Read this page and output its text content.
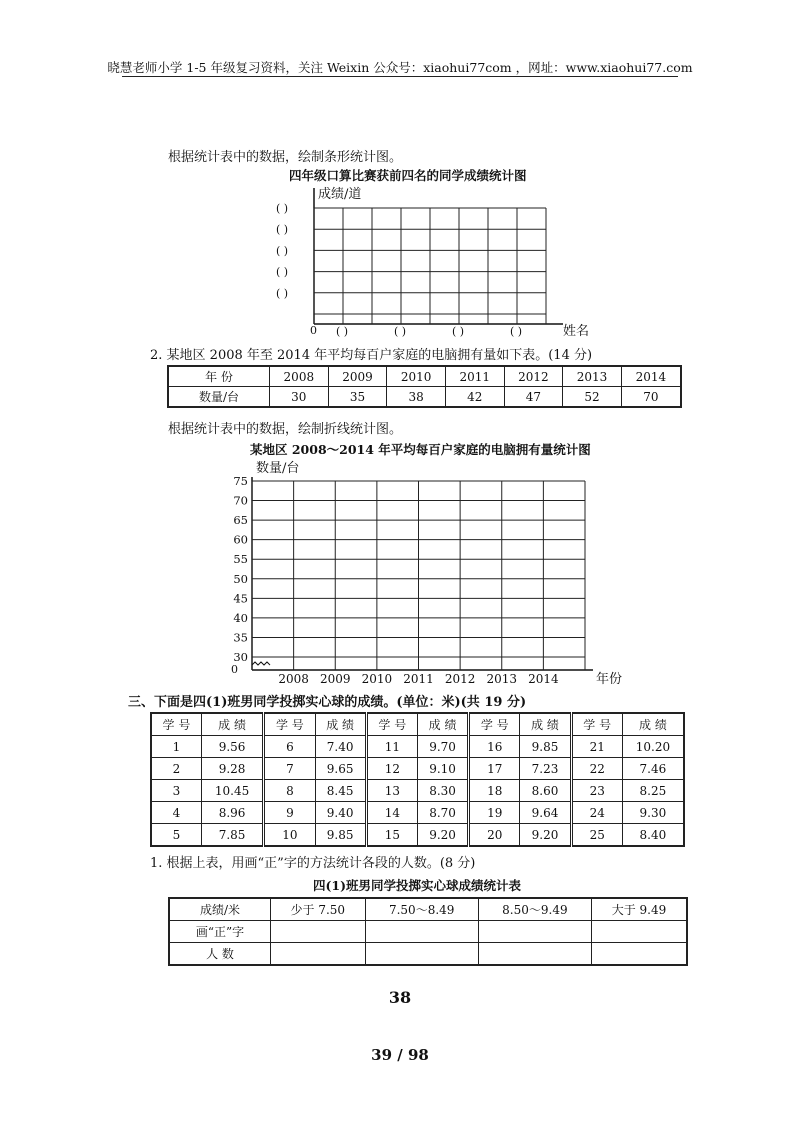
晓慧老师小学 1-5 年级复习资料，关注 Weixin 公众号：xiaohui77com ，网址：www.xiaohui77.com
根据统计表中的数据，绘制条形统计图。
四年级口算比赛获前四名的同学成绩统计图
成绩/道
( )
( )
( )
( )
( )
0 ( )	( )	( )	( )	姓名
2. 某地区 2008 年至 2014 年平均每百户家庭的电脑拥有量如下表。(14 分)
年 份	2008	2009	2010	2011	2012	2013	2014
数量/台	30	35	38	42	47	52	70
根据统计表中的数据，绘制折线统计图。
某地区 2008～2014 年平均每百户家庭的电脑拥有量统计图
数量/台
75
70
65
60
55
50
45
40
35
30
2008 2009 2010 2011 2012 2013 2014
0
年份
三、下面是四(1)班男同学投掷实心球的成绩。(单位：米)(共 19 分)
学 号	成 绩	学 号	成 绩	学 号	成 绩	学 号	成 绩	学 号	成 绩
1	9.56	6	7.40	11	9.70	16	9.85	21	10.20
2	9.28	7	9.65	12	9.10	17	7.23	22	7.46
3	10.45	8	8.45	13	8.30	18	8.60	23	8.25
4	8.96	9	9.40	14	8.70	19	9.64	24	9.30
5	7.85	10	9.85	15	9.20	20	9.20	25	8.40
1. 根据上表，用画“正”字的方法统计各段的人数。(8 分)
四(1)班男同学投掷实心球成绩统计表
成绩/米	少于 7.50	7.50～8.49	8.50～9.49	大于 9.49
画“正”字				
人 数				
38
39 / 98
